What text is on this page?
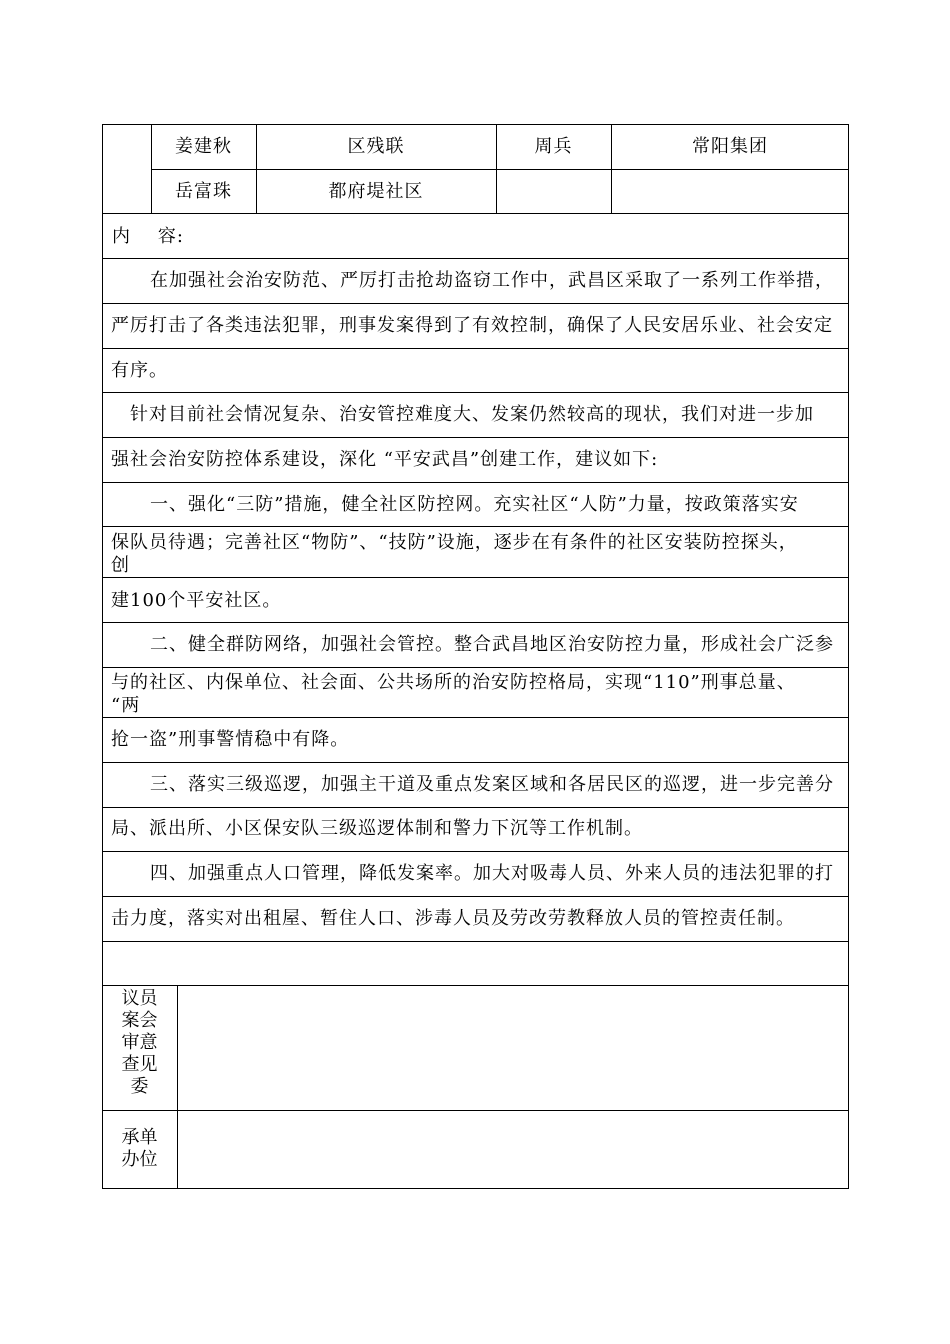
姜建秋	区残联	周兵	常阳集团
岳富珠	都府堤社区
内    容:
在加强社会治安防范、严厉打击抢劫盗窃工作中，武昌区采取了一系列工作举措，
严厉打击了各类违法犯罪，刑事发案得到了有效控制，确保了人民安居乐业、社会安定
有序。
针对目前社会情况复杂、治安管控难度大、发案仍然较高的现状，我们对进一步加
强社会治安防控体系建设，深化 “平安武昌”创建工作，建议如下:
一、强化“三防”措施，健全社区防控网。充实社区“人防”力量，按政策落实安
保队员待遇；完善社区“物防”、“技防”设施，逐步在有条件的社区安装防控探头，
创
建100个平安社区。
二、健全群防网络，加强社会管控。整合武昌地区治安防控力量，形成社会广泛参
与的社区、内保单位、社会面、公共场所的治安防控格局，实现“110”刑事总量、
“两
抢一盗”刑事警情稳中有降。
三、落实三级巡逻，加强主干道及重点发案区域和各居民区的巡逻，进一步完善分
局、派出所、小区保安队三级巡逻体制和警力下沉等工作机制。
四、加强重点人口管理，降低发案率。加大对吸毒人员、外来人员的违法犯罪的打
击力度，落实对出租屋、暂住人口、涉毒人员及劳改劳教释放人员的管控责任制。
议员
案会
审意
查见
委
承单
办位
